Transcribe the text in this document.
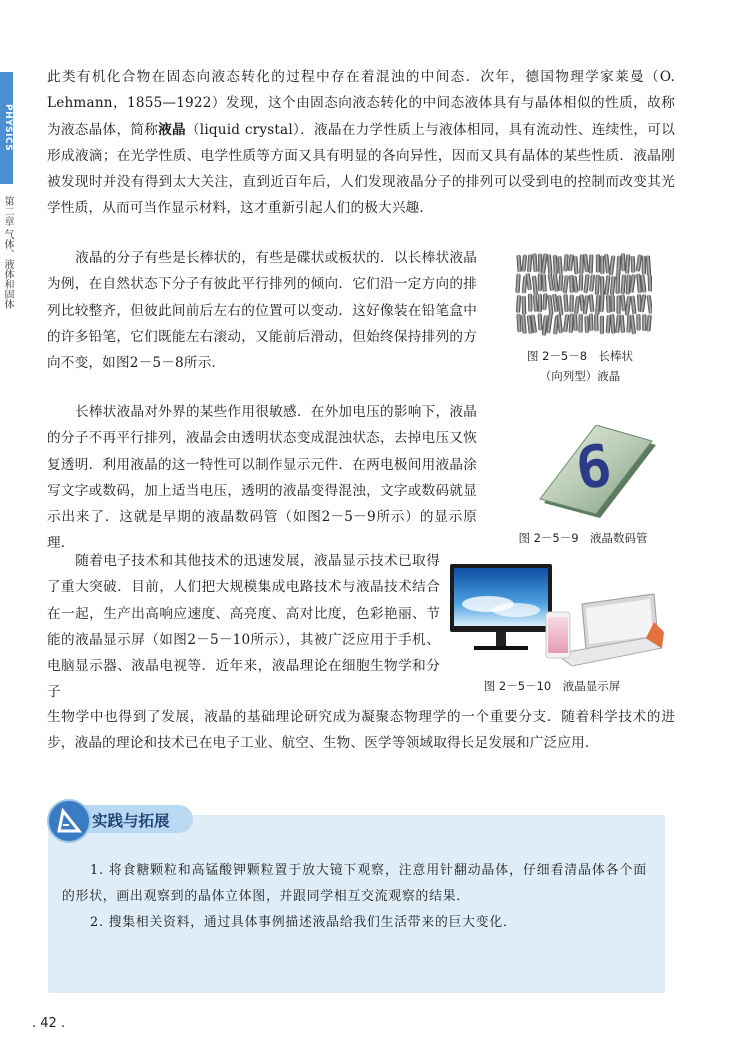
PHYSICS
第二章 气体、液体和固体
此类有机化合物在固态向液态转化的过程中存在着混浊的中间态．次年，德国物理学家莱曼（O. Lehmann，1855—1922）发现，这个由固态向液态转化的中间态液体具有与晶体相似的性质，故称为液态晶体，简称液晶（liquid crystal）．液晶在力学性质上与液体相同，具有流动性、连续性，可以形成液滴；在光学性质、电学性质等方面又具有明显的各向异性，因而又具有晶体的某些性质．液晶刚被发现时并没有得到太大关注，直到近百年后，人们发现液晶分子的排列可以受到电的控制而改变其光学性质，从而可当作显示材料，这才重新引起人们的极大兴趣．
液晶的分子有些是长棒状的，有些是碟状或板状的．以长棒状液晶为例，在自然状态下分子有彼此平行排列的倾向．它们沿一定方向的排列比较整齐，但彼此间前后左右的位置可以变动．这好像装在铅笔盒中的许多铅笔，它们既能左右滚动，又能前后滑动，但始终保持排列的方向不变，如图2－5－8所示．	图 2－5－8　长棒状
（向列型）液晶
长棒状液晶对外界的某些作用很敏感．在外加电压的影响下，液晶的分子不再平行排列，液晶会由透明状态变成混浊状态，去掉电压又恢复透明．利用液晶的这一特性可以制作显示元件．在两电极间用液晶涂写文字或数码，加上适当电压，透明的液晶变得混浊，文字或数码就显示出来了．这就是早期的液晶数码管（如图2－5－9所示）的显示原理．
6
图 2－5－9　液晶数码管
随着电子技术和其他技术的迅速发展，液晶显示技术已取得了重大突破．目前，人们把大规模集成电路技术与液晶技术结合在一起，生产出高响应速度、高亮度、高对比度，色彩艳丽、节能的液晶显示屏（如图2－5－10所示），其被广泛应用于手机、电脑显示器、液晶电视等．近年来，液晶理论在细胞生物学和分子	图 2－5－10　液晶显示屏
生物学中也得到了发展，液晶的基础理论研究成为凝聚态物理学的一个重要分支．随着科学技术的进步，液晶的理论和技术已在电子工业、航空、生物、医学等领域取得长足发展和广泛应用．
实践与拓展
1. 将食糖颗粒和高锰酸钾颗粒置于放大镜下观察，注意用针翻动晶体，仔细看清晶体各个面的形状，画出观察到的晶体立体图，并跟同学相互交流观察的结果．
2. 搜集相关资料，通过具体事例描述液晶给我们生活带来的巨大变化．
. 42 .
